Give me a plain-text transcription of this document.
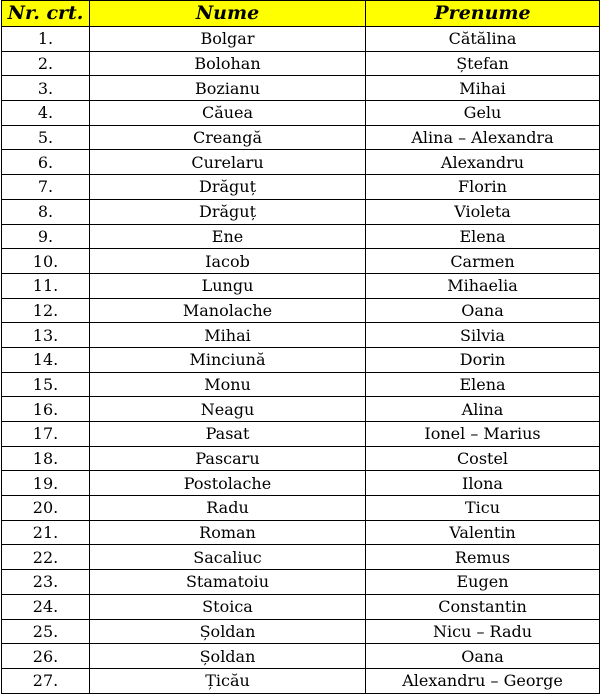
Nr. crt.	Nume	Prenume
1.	Bolgar	Cătălina
2.	Bolohan	Ștefan
3.	Bozianu	Mihai
4.	Căuea	Gelu
5.	Creangă	Alina – Alexandra
6.	Curelaru	Alexandru
7.	Drăguț	Florin
8.	Drăguț	Violeta
9.	Ene	Elena
10.	Iacob	Carmen
11.	Lungu	Mihaelia
12.	Manolache	Oana
13.	Mihai	Silvia
14.	Minciună	Dorin
15.	Monu	Elena
16.	Neagu	Alina
17.	Pasat	Ionel – Marius
18.	Pascaru	Costel
19.	Postolache	Ilona
20.	Radu	Ticu
21.	Roman	Valentin
22.	Sacaliuc	Remus
23.	Stamatoiu	Eugen
24.	Stoica	Constantin
25.	Șoldan	Nicu – Radu
26.	Șoldan	Oana
27.	Țicău	Alexandru – George
